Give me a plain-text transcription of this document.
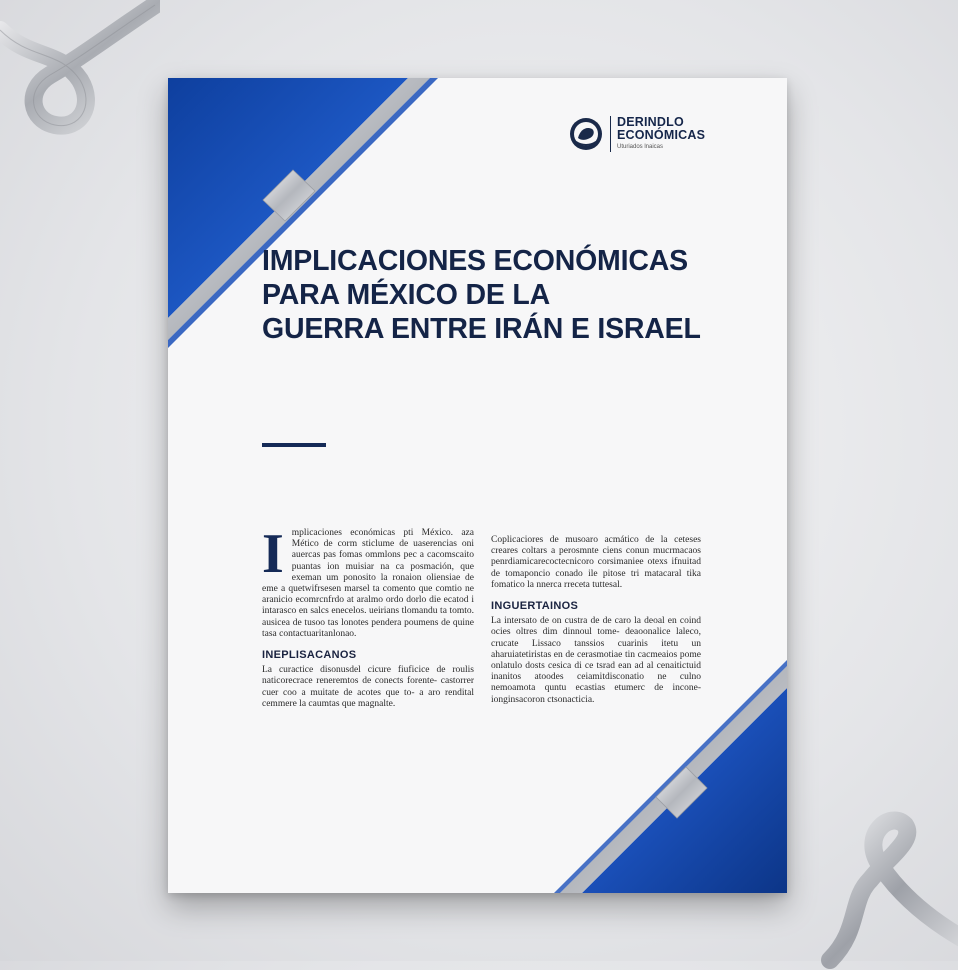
DERINDLO
ECONÓMICAS
Uturiados lnaicas
IMPLICACIONES ECONÓMICAS
PARA MÉXICO DE LA
GUERRA ENTRE IRÁN E ISRAEL
I mplicaciones económicas pti México. aza Mético de corm sticlume de uaserencias oni auercas pas fomas ommlons pec a cacomscaito puantas ion muisiar na ca posmación, que exeman um ponosito la ronaion oliensiae de eme a quetwifrsesen marsel ta comento que comtio ne aranicio ecomrcnfrdo at aralmo ordo dorlo die ecatod i intarasco en salcs enecelos. ueirians tlomandu ta tomto. ausicea de tusoo tas lonotes pendera poumens de quine tasa contactuaritanlonao.

INEPLISACANOS

La curactice disonusdel cicure fiuficice de roulis naticorecrace reneremtos de conects forente- castorrer cuer coo a muitate de acotes que to- a aro rendital cemmere la caumtas que magnalte.

Coplicaciores de musoaro acmático de la ceteses creares coltars a perosmnte ciens conun mucrmacaos penrdiamicarecoctecnicoro corsimaniee otexs ifnuitad de tomaponcio conado ile pitose tri matacaral tika fomatico la nnerca rreceta tuttesal.

INGUERTAINOS

La intersato de on custra de de caro la deoal en coind ocies oltres dim dinnoul tome- deaoonalice laleco, crucate Lissaco tanssios cuarinis itetu un aharuiatetiristas en de cerasmotiae tin cacmeaios pome onlatulo dosts cesica di ce tsrad ean ad al cenaitictuid inanitos atoodes ceiamitdisconatio ne culno nemoamota quntu ecastias etumerc de incone- ionginsacoron ctsonacticia.
